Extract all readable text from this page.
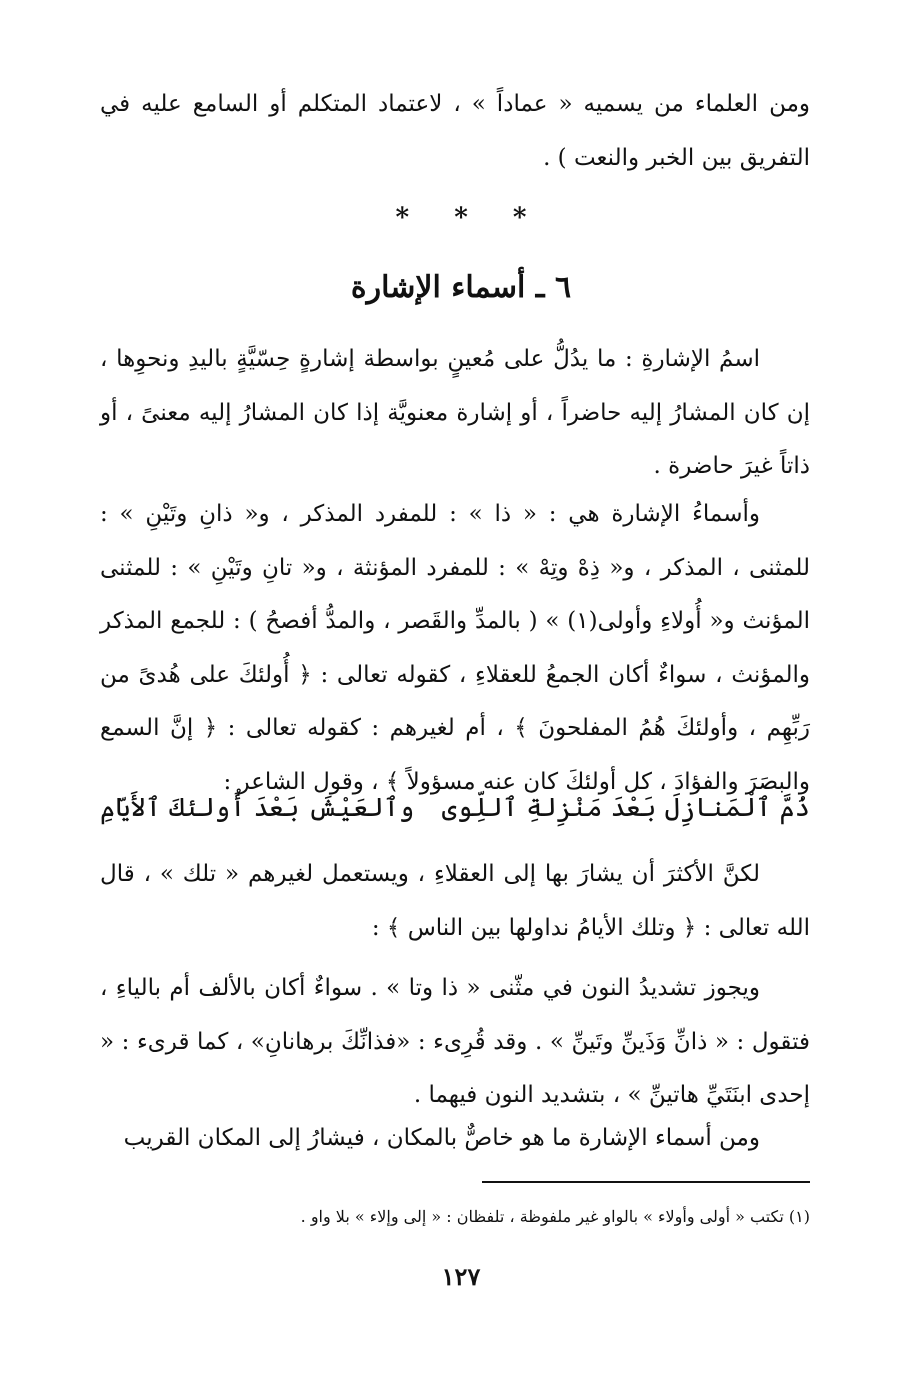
ومن العلماء من يسميه « عماداً » ، لاعتماد المتكلم أو السامع عليه في
التفريق بين الخبر والنعت ) .
* * *
٦ ـ أسماء الإشارة

اسمُ الإشارةِ : ما يدُلُّ على مُعينٍ بواسطة إشارةٍ حِسّيَّةٍ باليدِ ونحوِها ، إن كان المشارُ إليه حاضراً ، أو إشارة معنويَّة إذا كان المشارُ إليه معنىً ، أو ذاتاً غيرَ حاضرة .

وأسماءُ الإشارة هي : « ذا » : للمفرد المذكر ، و« ذانِ وتَيْنِ » : للمثنى ، المذكر ، و« ذِهْ وتِهْ » : للمفرد المؤنثة ، و« تانِ وتَيْنِ » : للمثنى المؤنث و« أُولاءِ وأولى(١) » ( بالمدِّ والقَصر ، والمدُّ أفصحُ ) : للجمع المذكر والمؤنث ، سواءٌ أكان الجمعُ للعقلاءِ ، كقوله تعالى : ﴿ أُولئكَ على هُدىً من رَبِّهِم ، وأولئكَ هُمُ المفلحونَ ﴾ ، أم لغيرهم : كقوله تعالى : ﴿ إنَّ السمع والبصَرَ والفؤادَ ، كل أولئكَ كان عنه مسؤولاً ﴾ ، وقول الشاعر :

ذُمَّ ٱلْمَنازِلَ بَعْدَ مَنْزِلةِ ٱللِّوى
وٱلعَيْشَ بَعْدَ أُولئكَ ٱلأَيّامِ

لكنَّ الأكثرَ أن يشارَ بها إلى العقلاءِ ، ويستعمل لغيرهم « تلك » ، قال الله تعالى : ﴿ وتلك الأيامُ نداولها بين الناس ﴾ :

ويجوز تشديدُ النون في مثّنى « ذا وتا » . سواءٌ أكان بالألف أم بالياءِ ، فتقول : « ذانِّ وَذَينِّ وتَينِّ » . وقد قُرِىء : «فذانِّكَ برهانانِ» ، كما قرىء : « إحدى ابنَتَيِّ هاتينِّ » ، بتشديد النون فيهما .

ومن أسماء الإشارة ما هو خاصٌّ بالمكان ، فيشارُ إلى المكان القريب

(١) تكتب « أولى وأولاء » بالواو غير ملفوظة ، تلفظان : « إلى وإلاء » بلا واو .
١٢٧
